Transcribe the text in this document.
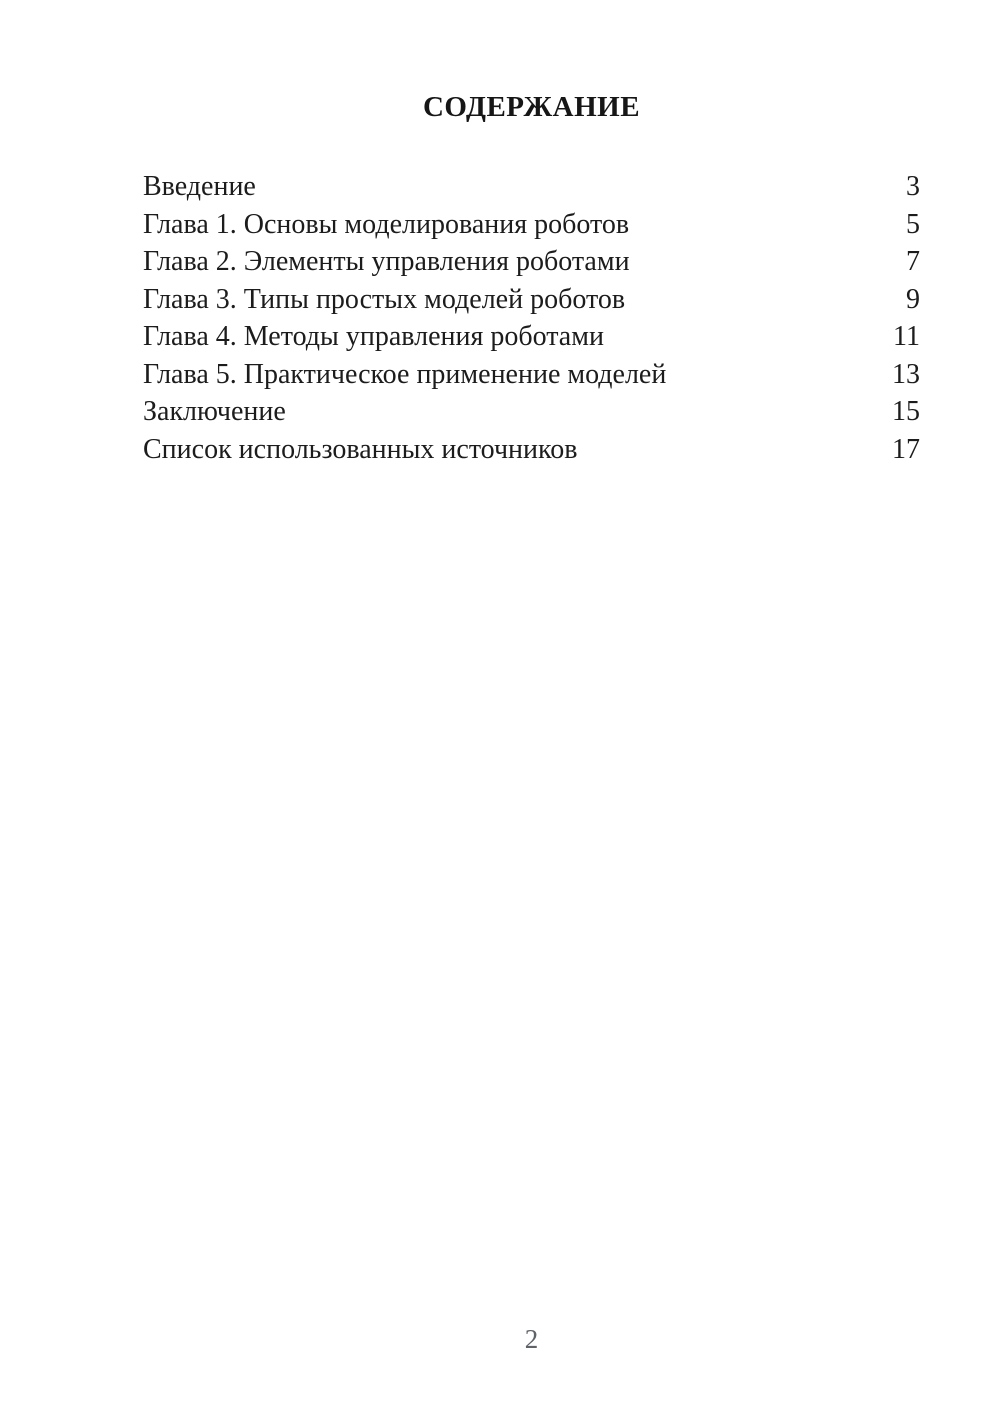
СОДЕРЖАНИЕ
Введение	3
Глава 1. Основы моделирования роботов	5
Глава 2. Элементы управления роботами	7
Глава 3. Типы простых моделей роботов	9
Глава 4. Методы управления роботами	11
Глава 5. Практическое применение моделей	13
Заключение	15
Список использованных источников	17
2
